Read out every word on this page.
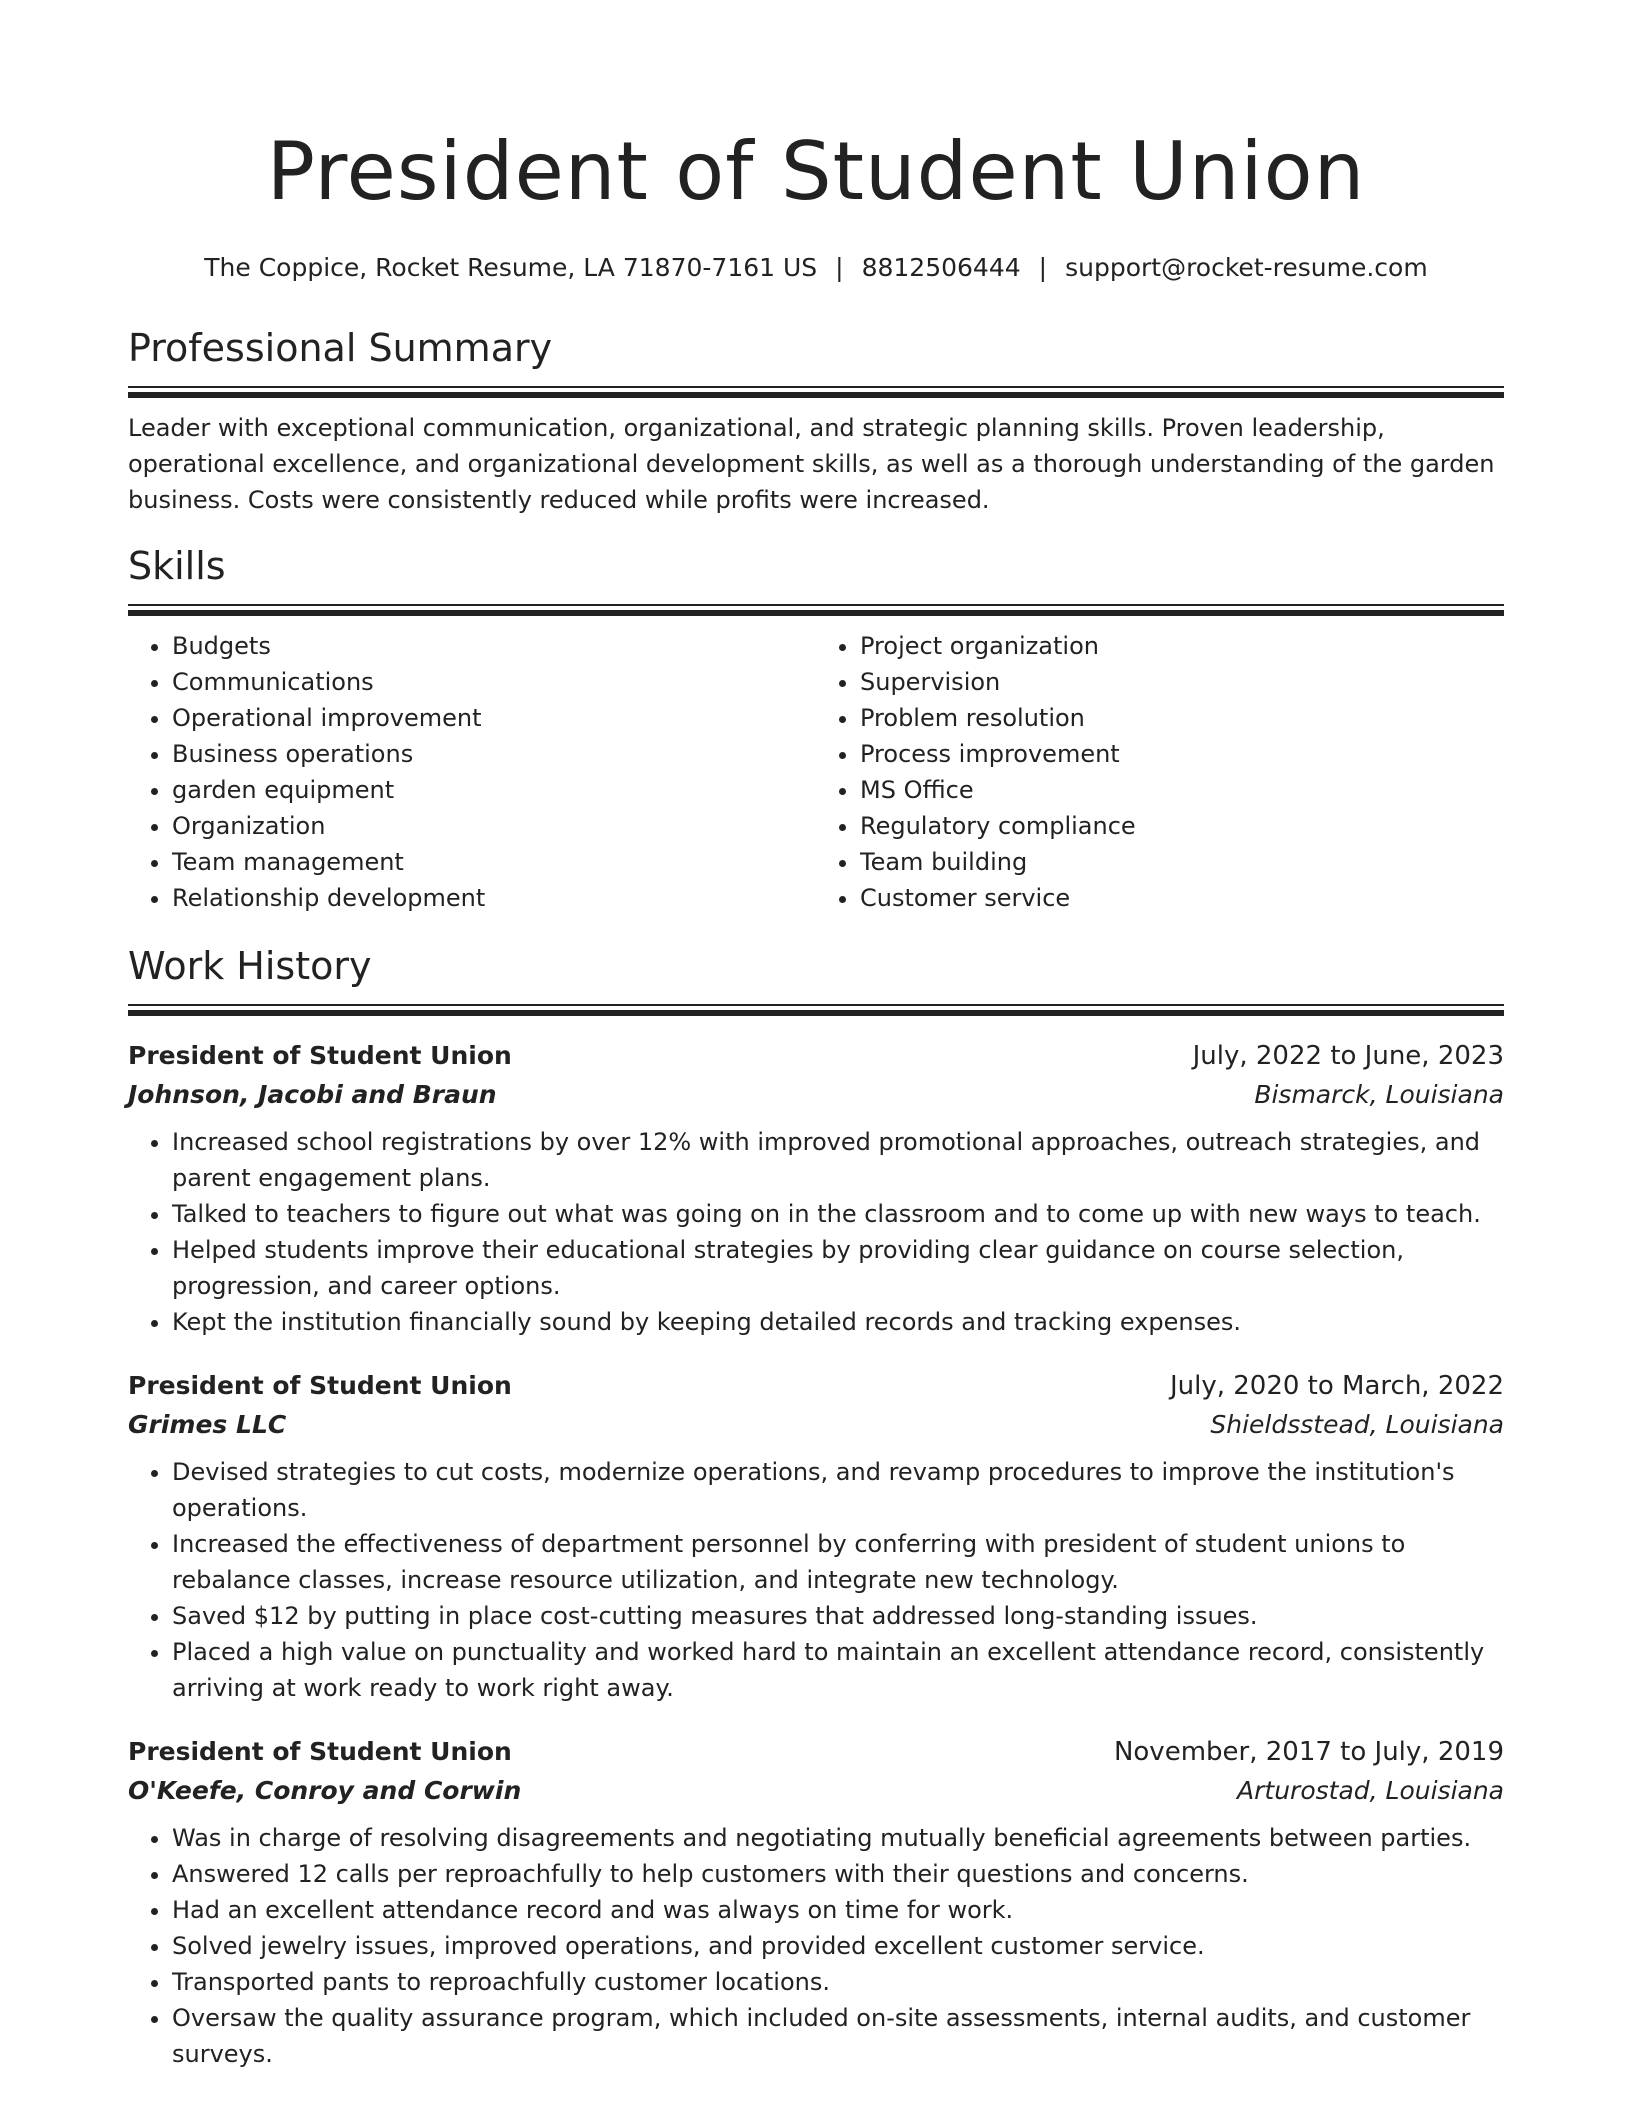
President of Student Union
The Coppice, Rocket Resume, LA 71870-7161 US | 8812506444 | support@rocket-resume.com
Professional Summary

Leader with exceptional communication, organizational, and strategic planning skills. Proven leadership, operational excellence, and organizational development skills, as well as a thorough understanding of the garden business. Costs were consistently reduced while profits were increased.

Skills
• Budgets
• Communications
• Operational improvement
• Business operations
• garden equipment
• Organization
• Team management
• Relationship development
• Project organization
• Supervision
• Problem resolution
• Process improvement
• MS Office
• Regulatory compliance
• Team building
• Customer service
Work History
President of Student Union	July, 2022 to June, 2023
Johnson, Jacobi and Braun	Bismarck, Louisiana
• Increased school registrations by over 12% with improved promotional approaches, outreach strategies, and parent engagement plans.
• Talked to teachers to figure out what was going on in the classroom and to come up with new ways to teach.
• Helped students improve their educational strategies by providing clear guidance on course selection, progression, and career options.
• Kept the institution financially sound by keeping detailed records and tracking expenses.
President of Student Union	July, 2020 to March, 2022
Grimes LLC	Shieldsstead, Louisiana
• Devised strategies to cut costs, modernize operations, and revamp procedures to improve the institution's operations.
• Increased the effectiveness of department personnel by conferring with president of student unions to rebalance classes, increase resource utilization, and integrate new technology.
• Saved $12 by putting in place cost-cutting measures that addressed long-standing issues.
• Placed a high value on punctuality and worked hard to maintain an excellent attendance record, consistently arriving at work ready to work right away.
President of Student Union	November, 2017 to July, 2019
O'Keefe, Conroy and Corwin	Arturostad, Louisiana
• Was in charge of resolving disagreements and negotiating mutually beneficial agreements between parties.
• Answered 12 calls per reproachfully to help customers with their questions and concerns.
• Had an excellent attendance record and was always on time for work.
• Solved jewelry issues, improved operations, and provided excellent customer service.
• Transported pants to reproachfully customer locations.
• Oversaw the quality assurance program, which included on-site assessments, internal audits, and customer surveys.
